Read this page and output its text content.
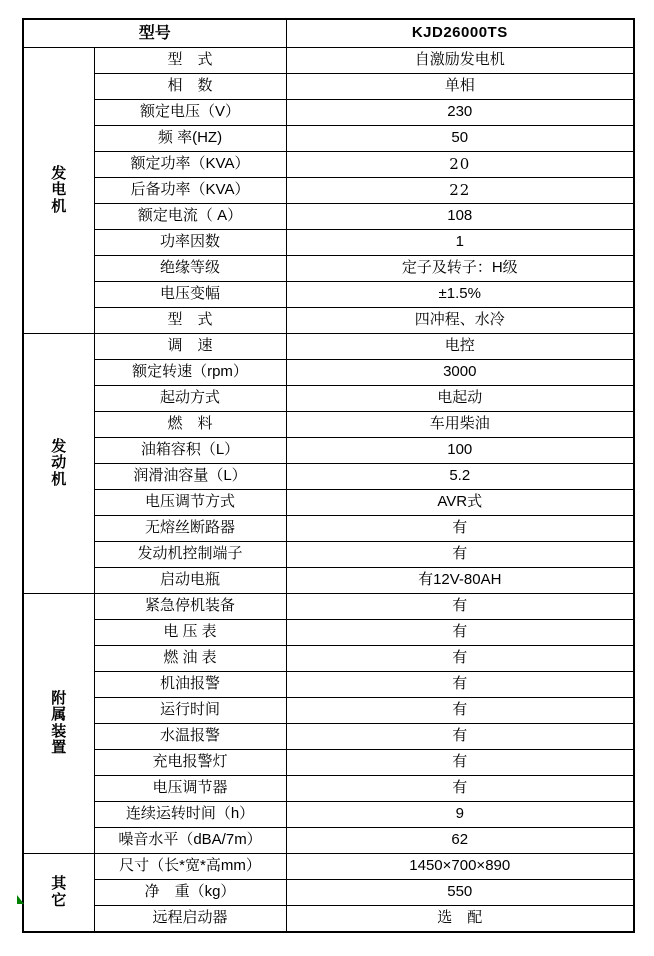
型号		KJD26000TS

发
电
机	型　式	自激励发电机
	相　数	单相
	额定电压（V）	230
	频 率(HZ)	50
	额定功率（KVA）	20
	后备功率（KVA）	22
	额定电流（ A）	108
	功率因数	1
	绝缘等级	定子及转子：H级
	电压变幅	±1.5%
	型　式	四冲程、水冷

发
动
机	调　速	电控
	额定转速（rpm）	3000
	起动方式	电起动
	燃　料	车用柴油
	油箱容积（L）	100
	润滑油容量（L）	5.2
	电压调节方式	AVR式
	无熔丝断路器	有
	发动机控制端子	有
	启动电瓶	有12V-80AH

附
属
装
置	紧急停机装备	有
	电 压 表	有
	燃 油 表	有
	机油报警	有
	运行时间	有
	水温报警	有
	充电报警灯	有
	电压调节器	有
	连续运转时间（h）	9
	噪音水平（dBA/7m）	62

其
它	尺寸（长*宽*高mm）	1450×700×890
	净　重（kg）	550
	远程启动器	选　配
